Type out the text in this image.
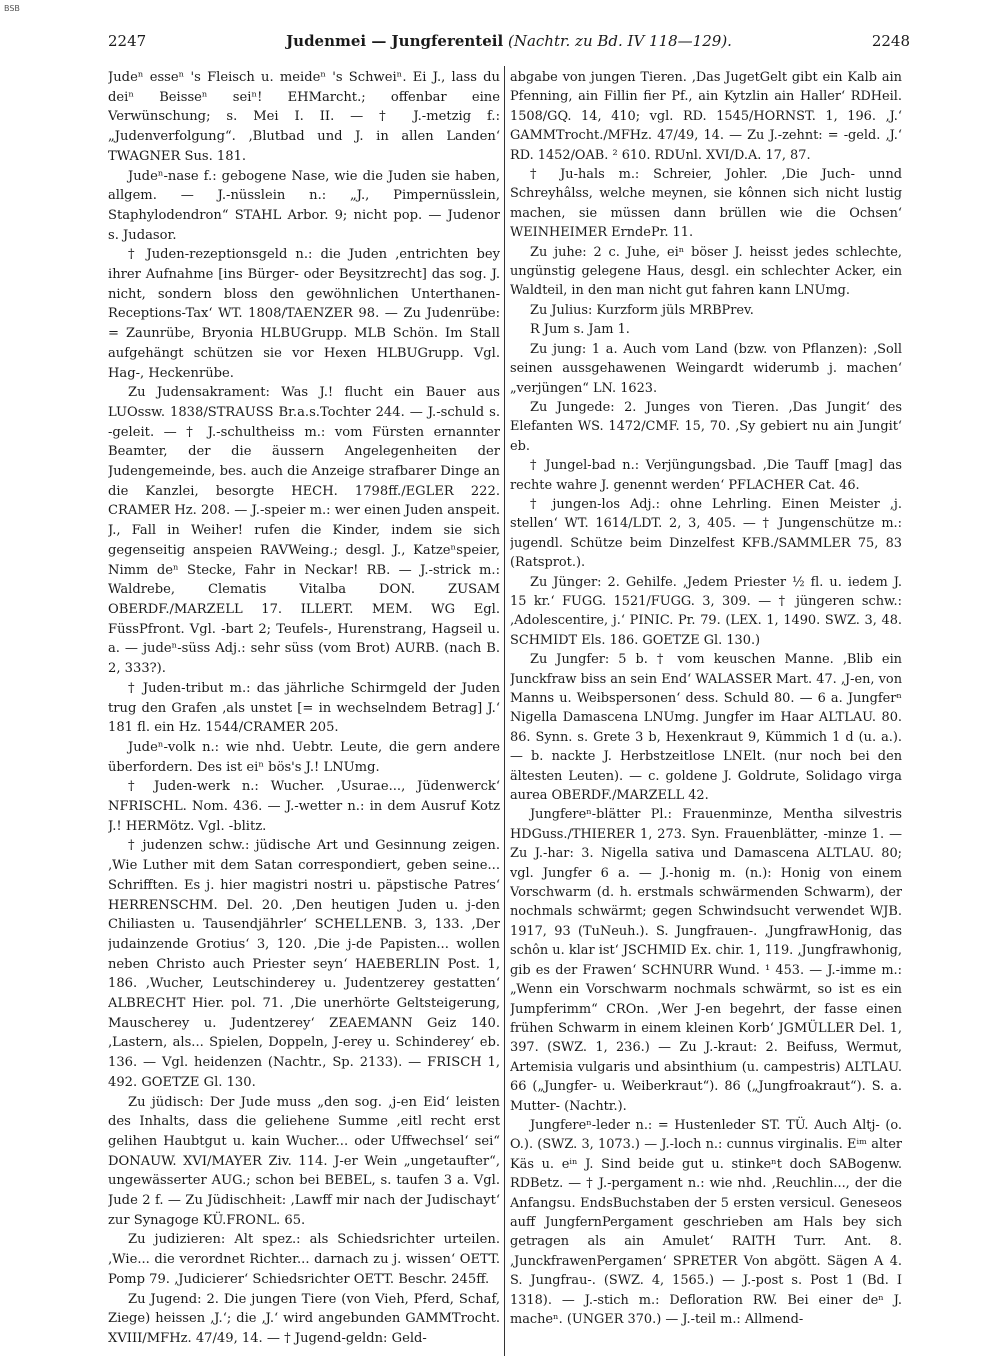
BSB
2247	Judenmei — Jungferenteil (Nachtr. zu Bd. IV 118—129).	2248

Judeⁿ esseⁿ 's Fleisch u. meideⁿ 's Schweiⁿ. Ei J., lass du deiⁿ Beisseⁿ seiⁿ! EHMarcht.; offenbar eine Verwünschung; s. Mei I. II. — † J.-metzig f.: „Judenverfolgung“. ‚Blutbad und J. in allen Landen‘ TWAGNER Sus. 181.

Judeⁿ-nase f.: gebogene Nase, wie die Juden sie haben, allgem. — J.-nüsslein n.: „J., Pimpernüsslein, Staphylodendron“ STAHL Arbor. 9; nicht pop. — Judenor s. Judasor.

† Juden-rezeptionsgeld n.: die Juden ‚entrichten bey ihrer Aufnahme [ins Bürger- oder Beysitzrecht] das sog. J. nicht, sondern bloss den gewöhnlichen Unterthanen-Receptions-Tax‘ WT. 1808/TAENZER 98. — Zu Judenrübe: = Zaunrübe, Bryonia HLBUGrupp. MLB Schön. Im Stall aufgehängt schützen sie vor Hexen HLBUGrupp. Vgl. Hag-, Heckenrübe.

Zu Judensakrament: Was J.! flucht ein Bauer aus LUOssw. 1838/STRAUSS Br.a.s.Tochter 244. — J.-schuld s. -geleit. — † J.-schultheiss m.: vom Fürsten ernannter Beamter, der die äussern Angelegenheiten der Judengemeinde, bes. auch die Anzeige strafbarer Dinge an die Kanzlei, besorgte HECH. 1798ff./EGLER 222. CRAMER Hz. 208. — J.-speier m.: wer einen Juden anspeit. J., Fall in Weiher! rufen die Kinder, indem sie sich gegenseitig anspeien RAVWeing.; desgl. J., Katzeⁿspeier, Nimm deⁿ Stecke, Fahr in Neckar! RB. — J.-strick m.: Waldrebe, Clematis Vitalba DON. ZUSAM OBERDF./MARZELL 17. ILLERT. MEM. WG Egl. FüssPfront. Vgl. -bart 2; Teufels-, Hurenstrang, Hagseil u. a. — judeⁿ-süss Adj.: sehr süss (vom Brot) AURB. (nach B. 2, 333?).

† Juden-tribut m.: das jährliche Schirmgeld der Juden trug den Grafen ‚als unstet [= in wechselndem Betrag] J.‘ 181 fl. ein Hz. 1544/CRAMER 205.

Judeⁿ-volk n.: wie nhd. Uebtr. Leute, die gern andere überfordern. Des ist eiⁿ bös's J.! LNUmg.

† Juden-werk n.: Wucher. ‚Usurae..., Jüdenwerck‘ NFRISCHL. Nom. 436. — J.-wetter n.: in dem Ausruf Kotz J.! HERMötz. Vgl. -blitz.

† judenzen schw.: jüdische Art und Gesinnung zeigen. ‚Wie Luther mit dem Satan correspondiert, geben seine... Schrifften. Es j. hier magistri nostri u. päpstische Patres‘ HERRENSCHM. Del. 20. ‚Den heutigen Juden u. j-den Chiliasten u. Tausendjährler‘ SCHELLENB. 3, 133. ‚Der judainzende Grotius‘ 3, 120. ‚Die j-de Papisten... wollen neben Christo auch Priester seyn‘ HAEBERLIN Post. 1, 186. ‚Wucher, Leutschinderey u. Judentzerey gestatten‘ ALBRECHT Hier. pol. 71. ‚Die unerhörte Geltsteigerung, Mauscherey u. Judentzerey‘ ZEAEMANN Geiz 140. ‚Lastern, als... Spielen, Doppeln, J-erey u. Schinderey‘ eb. 136. — Vgl. heidenzen (Nachtr., Sp. 2133). — FRISCH 1, 492. GOETZE Gl. 130.

Zu jüdisch: Der Jude muss „den sog. ‚j-en Eid‘ leisten des Inhalts, dass die geliehene Summe ‚eitl recht erst gelihen Haubtgut u. kain Wucher... oder Uffwechsel‘ sei“ DONAUW. XVI/MAYER Ziv. 114. J-er Wein „ungetaufter“, ungewässerter AUG.; schon bei BEBEL, s. taufen 3 a. Vgl. Jude 2 f. — Zu Jüdischheit: ‚Lawff mir nach der Judischayt‘ zur Synagoge KÜ.FRONL. 65.

Zu judizieren: Alt spez.: als Schiedsrichter urteilen. ‚Wie... die verordnet Richter... darnach zu j. wissen‘ OETT. Pomp 79. ‚Judicierer‘ Schiedsrichter OETT. Beschr. 245ff.

Zu Jugend: 2. Die jungen Tiere (von Vieh, Pferd, Schaf, Ziege) heissen ‚J.‘; die ‚J.‘ wird angebunden GAMMTrocht. XVIII/MFHz. 47/49, 14. — † Jugend-geldn: Geld-

abgabe von jungen Tieren. ‚Das JugetGelt gibt ein Kalb ain Pfenning, ain Fillin fier Pf., ain Kytzlin ain Haller‘ RDHeil. 1508/GQ. 14, 410; vgl. RD. 1545/HORNST. 1, 196. ‚J.‘ GAMMTrocht./MFHz. 47/49, 14. — Zu J.-zehnt: = -geld. ‚J.‘ RD. 1452/OAB. ² 610. RDUnl. XVI/D.A. 17, 87.

† Ju-hals m.: Schreier, Johler. ‚Die Juch- unnd Schreyhâlss, welche meynen, sie kônnen sich nicht lustig machen, sie müssen dann brüllen wie die Ochsen‘ WEINHEIMER ErndePr. 11.

Zu juhe: 2 c. Juhe, eiⁿ böser J. heisst jedes schlechte, ungünstig gelegene Haus, desgl. ein schlechter Acker, ein Waldteil, in den man nicht gut fahren kann LNUmg.

Zu Julius: Kurzform jüls MRBPrev.

R Jum s. Jam 1.

Zu jung: 1 a. Auch vom Land (bzw. von Pflanzen): ‚Soll seinen aussgehawenen Weingardt widerumb j. machen‘ „verjüngen“ LN. 1623.

Zu Jungede: 2. Junges von Tieren. ‚Das Jungit‘ des Elefanten WS. 1472/CMF. 15, 70. ‚Sy gebiert nu ain Jungit‘ eb.

† Jungel-bad n.: Verjüngungsbad. ‚Die Tauff [mag] das rechte wahre J. genennt werden‘ PFLACHER Cat. 46.

† jungen-los Adj.: ohne Lehrling. Einen Meister ‚j. stellen‘ WT. 1614/LDT. 2, 3, 405. — † Jungenschütze m.: jugendl. Schütze beim Dinzelfest KFB./SAMMLER 75, 83 (Ratsprot.).

Zu Jünger: 2. Gehilfe. ‚Jedem Priester ½ fl. u. iedem J. 15 kr.‘ FUGG. 1521/FUGG. 3, 309. — † jüngeren schw.: ‚Adolescentire, j.‘ PINIC. Pr. 79. (LEX. 1, 1490. SWZ. 3, 48. SCHMIDT Els. 186. GOETZE Gl. 130.)

Zu Jungfer: 5 b. † vom keuschen Manne. ‚Blib ein Junckfraw biss an sein End‘ WALASSER Mart. 47. ‚J-en, von Manns u. Weibspersonen‘ dess. Schuld 80. — 6 a. Jungferⁿ Nigella Damascena LNUmg. Jungfer im Haar ALTLAU. 80. 86. Synn. s. Grete 3 b, Hexenkraut 9, Kümmich 1 d (u. a.). — b. nackte J. Herbstzeitlose LNElt. (nur noch bei den ältesten Leuten). — c. goldene J. Goldrute, Solidago virga aurea OBERDF./MARZELL 42.

Jungfereⁿ-blätter Pl.: Frauenminze, Mentha silvestris HDGuss./THIERER 1, 273. Syn. Frauenblätter, -minze 1. — Zu J.-har: 3. Nigella sativa und Damascena ALTLAU. 80; vgl. Jungfer 6 a. — J.-honig m. (n.): Honig von einem Vorschwarm (d. h. erstmals schwärmenden Schwarm), der nochmals schwärmt; gegen Schwindsucht verwendet WJB. 1917, 93 (TuNeuh.). S. Jungfrauen-. ‚JungfrawHonig, das schôn u. klar ist‘ JSCHMID Ex. chir. 1, 119. ‚Jungfrawhonig, gib es der Frawen‘ SCHNURR Wund. ¹ 453. — J.-imme m.: „Wenn ein Vorschwarm nochmals schwärmt, so ist es ein Jumpferimm“ CROn. ‚Wer J-en begehrt, der fasse einen frühen Schwarm in einem kleinen Korb‘ JGMÜLLER Del. 1, 397. (SWZ. 1, 236.) — Zu J.-kraut: 2. Beifuss, Wermut, Artemisia vulgaris und absinthium (u. campestris) ALTLAU. 66 („Jungfer- u. Weiberkraut“). 86 („Jungfroakraut“). S. a. Mutter- (Nachtr.).

Jungfereⁿ-leder n.: = Hustenleder ST. TÜ. Auch Altj- (o. O.). (SWZ. 3, 1073.) — J.-loch n.: cunnus virginalis. Eⁱᵐ alter Käs u. eⁱⁿ J. Sind beide gut u. stinkeⁿt doch SABogenw. RDBetz. — † J.-pergament n.: wie nhd. ‚Reuchlin..., der die Anfangsu. EndsBuchstaben der 5 ersten versicul. Geneseos auff JungfernPergament geschrieben am Hals bey sich getragen als ain Amulet‘ RAITH Turr. Ant. 8. ‚JunckfrawenPergamen‘ SPRETER Von abgött. Sägen A 4. S. Jungfrau-. (SWZ. 4, 1565.) — J.-post s. Post 1 (Bd. I 1318). — J.-stich m.: Defloration RW. Bei einer deⁿ J. macheⁿ. (UNGER 370.) — J.-teil m.: Allmend-
